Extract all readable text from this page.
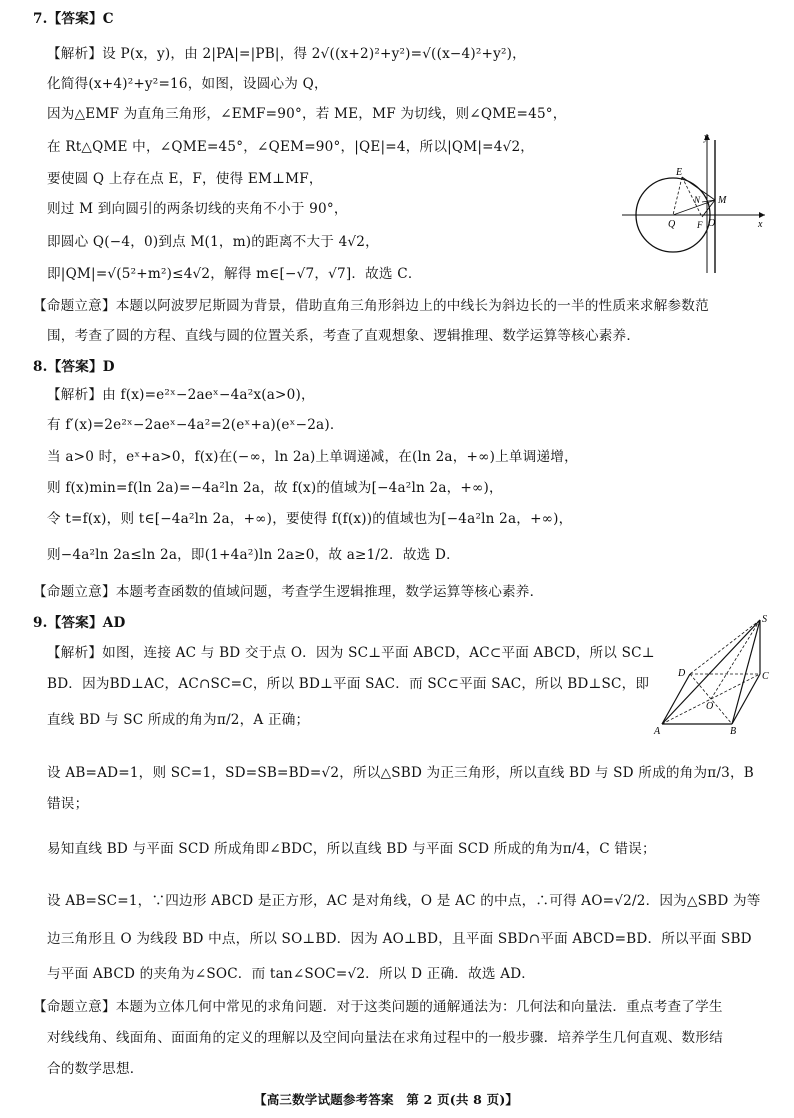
7.【答案】C
【解析】设 P(x，y)，由 2|PA|=|PB|，得 2√((x+2)²+y²)=√((x−4)²+y²)，
化简得(x+4)²+y²=16，如图，设圆心为 Q，
因为△EMF 为直角三角形，∠EMF=90°，若 ME，MF 为切线，则∠QME=45°，
在 Rt△QME 中，∠QME=45°，∠QEM=90°，|QE|=4，所以|QM|=4√2，
要使圆 Q 上存在点 E，F，使得 EM⊥MF，
则过 M 到向圆引的两条切线的夹角不小于 90°，
即圆心 Q(−4，0)到点 M(1，m)的距离不大于 4√2，
即|QM|=√(5²+m²)≤4√2，解得 m∈[−√7，√7]．故选 C．
【命题立意】本题以阿波罗尼斯圆为背景，借助直角三角形斜边上的中线长为斜边长的一半的性质来求解参数范
围，考查了圆的方程、直线与圆的位置关系，考查了直观想象、逻辑推理、数学运算等核心素养．
y
E
M
N
Q	O
F	x
8.【答案】D
【解析】由 f(x)=e²ˣ−2aeˣ−4a²x(a>0)，
有 f′(x)=2e²ˣ−2aeˣ−4a²=2(eˣ+a)(eˣ−2a)．
当 a>0 时，eˣ+a>0，f(x)在(−∞，ln 2a)上单调递减，在(ln 2a，+∞)上单调递增，
则 f(x)min=f(ln 2a)=−4a²ln 2a，故 f(x)的值域为[−4a²ln 2a，+∞)，
令 t=f(x)，则 t∈[−4a²ln 2a，+∞)，要使得 f(f(x))的值域也为[−4a²ln 2a，+∞)，
则−4a²ln 2a≤ln 2a，即(1+4a²)ln 2a≥0，故 a≥1/2．故选 D．
【命题立意】本题考查函数的值域问题，考查学生逻辑推理，数学运算等核心素养．
9.【答案】AD
【解析】如图，连接 AC 与 BD 交于点 O．因为 SC⊥平面 ABCD，AC⊂平面 ABCD，所以 SC⊥
BD．因为BD⊥AC，AC∩SC=C，所以 BD⊥平面 SAC．而 SC⊂平面 SAC，所以 BD⊥SC，即
直线 BD 与 SC 所成的角为π/2，A 正确；
设 AB=AD=1，则 SC=1，SD=SB=BD=√2，所以△SBD 为正三角形，所以直线 BD 与 SD 所成的角为π/3，B
错误；
易知直线 BD 与平面 SCD 所成角即∠BDC，所以直线 BD 与平面 SCD 所成的角为π/4，C 错误；
设 AB=SC=1，∵四边形 ABCD 是正方形，AC 是对角线，O 是 AC 的中点，∴可得 AO=√2/2．因为△SBD 为等
边三角形且 O 为线段 BD 中点，所以 SO⊥BD．因为 AO⊥BD，且平面 SBD∩平面 ABCD=BD．所以平面 SBD
与平面 ABCD 的夹角为∠SOC．而 tan∠SOC=√2．所以 D 正确．故选 AD．
【命题立意】本题为立体几何中常见的求角问题．对于这类问题的通解通法为：几何法和向量法．重点考查了学生
对线线角、线面角、面面角的定义的理解以及空间向量法在求角过程中的一般步骤．培养学生几何直观、数形结
合的数学思想．
S
D	C
O
A	B
【高三数学试题参考答案　第 2 页(共 8 页)】
